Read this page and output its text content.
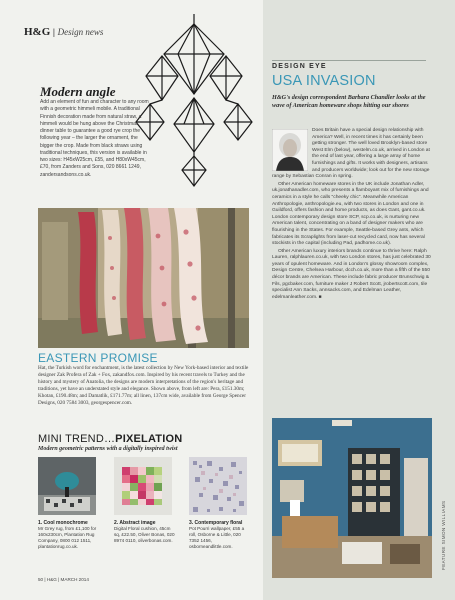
H&G | Design news
Modern angle
Add an element of fun and character to any room with a geometric himmeli mobile. A traditional Finnish decoration made from natural straw, a himmeli would be hung above the Christmas dinner table to guarantee a good rye crop the following year – the larger the ornament, the bigger the crop. Made from black straws using traditional techniques, this version is available in two sizes: H45xW25cm, £55, and H80xW45cm, £70, from Zanders and Sons, 020 8661 1249, zandersandsons.co.uk.
EASTERN PROMISE
Hat, the Turkish word for enchantment, is the latest collection by New York-based interior and textile designer Zak Profera of Zak + Fox, zakandfox.com. Inspired by his recent travels to Turkey and the history and mystery of Anatolia, the designs are modern interpretations of the region's heritage and traditions, yet have an understated style and elegance. Shown above, from left are: Pera, £151.30m; Khotan, £190.48m; and Damatlik, £171.77m; all linen, 137cm wide, available from George Spencer Designs, 020 7584 3003, georgespencer.com.
MINI TREND…PIXELATION
Modern geometric patterns with a digitally inspired twist
1. Cool monochrome
Mr Grey rug, from £1,100 for 160x230cm, Plantation Rug Company, 0800 012 1511, plantationrug.co.uk.
2. Abstract image
Digital Floral cushion, 45cm sq, £22.50, Oliver Bonas, 020 8974 0110, oliverbonas.com.
3. Contemporary floral
Pot Pourri wallpaper, £55 a roll, Osborne & Little, 020 7352 1456, osborneandlittle.com.
50 | H&G | MARCH 2014
DESIGN EYE
USA INVASION
H&G's design correspondent Barbara Chandler looks at the wave of American homeware shops hitting our shores
Does Britain have a special design relationship with America? Well, in recent times it has certainly been getting stronger. The well loved Brooklyn-based store West Elm (below), westelm.co.uk, arrived in London at the end of last year, offering a large array of home furnishings and gifts. It works with designers, artisans and producers worldwide; look out for the new storage range by Sebastian Conran in spring.
Other American homeware stores in the UK include Jonathan Adler, uk.jonathanadler.com, who presents a flamboyant mix of furnishings and ceramics in a style he calls "cheeky chic". Meanwhile American Anthropologie, anthropologie.eu, with two stores in London and one in Guildford, offers fashion and home products, as does Gant, gant.co.uk. London contemporary design store SCP, scp.co.uk, is nurturing new American talent, concentrating on a band of designer makers who are flourishing in the States. For example, Seattle-based Grey ants, which fabricates its Scraplights from laser-cut recycled card, now has several stockists in the capital (including Pad, padhome.co.uk).
Other American luxury interiors brands continue to thrive here: Ralph Lauren, ralphlauren.co.uk, with two London stores, has just celebrated 30 years of opulent homeware. And in London's glossy showroom complex, Design Centre, Chelsea Harbour, dcch.co.uk, more than a fifth of the 550 décor brands are American. These include fabric producer Brunschwig & Fils, pgcbaker.com, furniture maker J Robert Scott, jrobertscott.com, tile specialist Ann Sacks, annsacks.com, and Edelman Leather, edelmanleather.com. ■
FEATURE SIMON WILLIAMS
